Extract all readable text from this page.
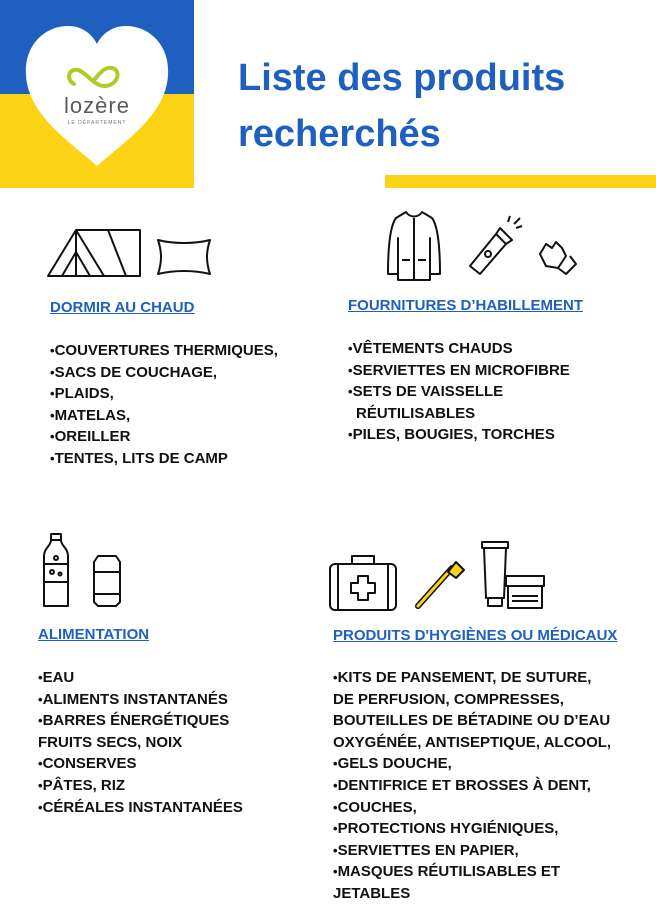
lozère
LE DÉPARTEMENT
Liste des produits
recherchés
DORMIR AU CHAUD
•COUVERTURES THERMIQUES,
•SACS DE COUCHAGE,
•PLAIDS,
•MATELAS,
•OREILLER
•TENTES, LITS DE CAMP
FOURNITURES D’HABILLEMENT
•VÊTEMENTS CHAUDS
•SERVIETTES EN MICROFIBRE
•SETS DE VAISSELLE
RÉUTILISABLES
•PILES, BOUGIES, TORCHES
ALIMENTATION
•EAU
•ALIMENTS INSTANTANÉS
•BARRES ÉNERGÉTIQUES
FRUITS SECS, NOIX
•CONSERVES
•PÂTES, RIZ
•CÉRÉALES INSTANTANÉES
PRODUITS D'HYGIÈNES OU MÉDICAUX
•KITS DE PANSEMENT, DE SUTURE,
DE PERFUSION, COMPRESSES,
BOUTEILLES DE BÉTADINE OU D’EAU
OXYGÉNÉE, ANTISEPTIQUE, ALCOOL,
•GELS DOUCHE,
•DENTIFRICE ET BROSSES À DENT,
•COUCHES,
•PROTECTIONS HYGIÉNIQUES,
•SERVIETTES EN PAPIER,
•MASQUES RÉUTILISABLES ET
JETABLES
